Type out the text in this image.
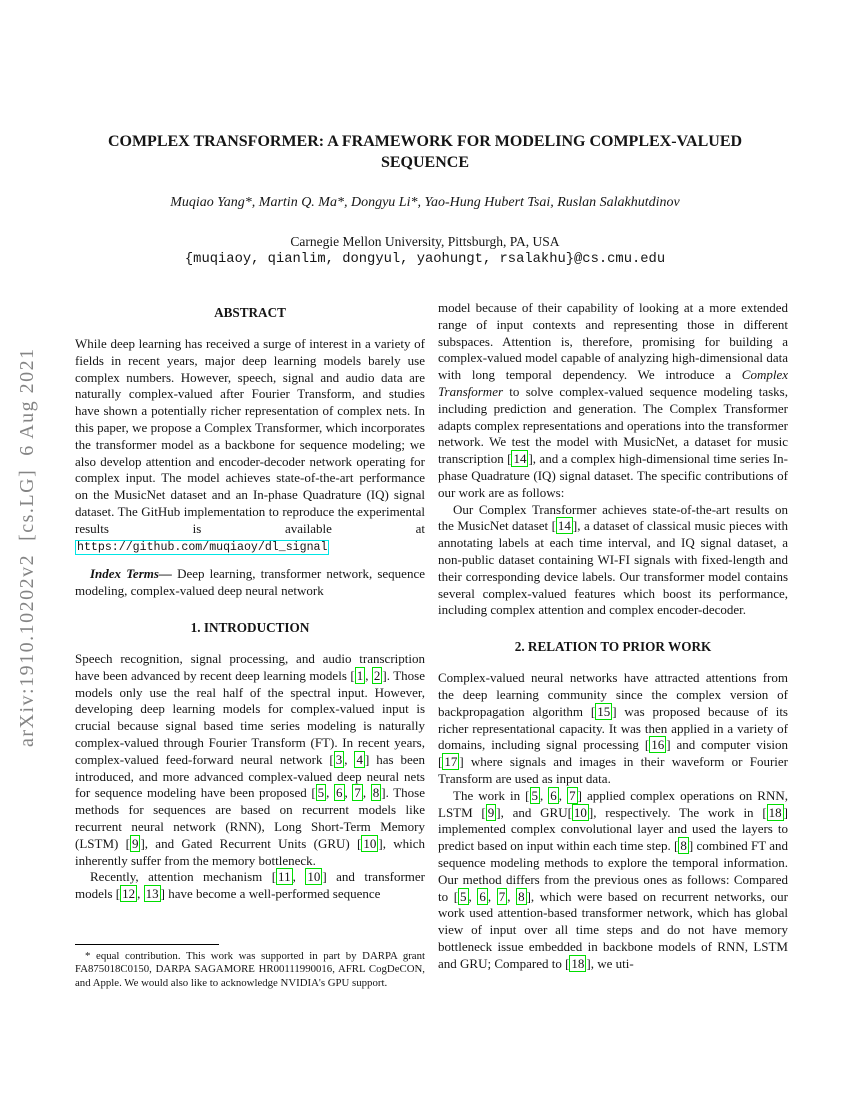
arXiv:1910.10202v2  [cs.LG]  6 Aug 2021
COMPLEX TRANSFORMER: A FRAMEWORK FOR MODELING COMPLEX-VALUED SEQUENCE
Muqiao Yang*, Martin Q. Ma*, Dongyu Li*, Yao-Hung Hubert Tsai, Ruslan Salakhutdinov
Carnegie Mellon University, Pittsburgh, PA, USA
{muqiaoy, qianlim, dongyul, yaohungt, rsalakhu}@cs.cmu.edu
ABSTRACT
While deep learning has received a surge of interest in a variety of fields in recent years, major deep learning models barely use complex numbers. However, speech, signal and audio data are naturally complex-valued after Fourier Transform, and studies have shown a potentially richer representation of complex nets. In this paper, we propose a Complex Transformer, which incorporates the transformer model as a backbone for sequence modeling; we also develop attention and encoder-decoder network operating for complex input. The model achieves state-of-the-art performance on the MusicNet dataset and an In-phase Quadrature (IQ) signal dataset. The GitHub implementation to reproduce the experimental results is available at https://github.com/muqiaoy/dl_signal
Index Terms— Deep learning, transformer network, sequence modeling, complex-valued deep neural network
1. INTRODUCTION
Speech recognition, signal processing, and audio transcription have been advanced by recent deep learning models [ 1 , 2 ]. Those models only use the real half of the spectral input. However, developing deep learning models for complex-valued input is crucial because signal based time series modeling is naturally complex-valued through Fourier Transform (FT). In recent years, complex-valued feed-forward neural network [ 3 , 4 ] has been introduced, and more advanced complex-valued deep neural nets for sequence modeling have been proposed [ 5 , 6 , 7 , 8 ]. Those methods for sequences are based on recurrent models like recurrent neural network (RNN), Long Short-Term Memory (LSTM) [ 9 ], and Gated Recurrent Units (GRU) [ 10 ], which inherently suffer from the memory bottleneck.
Recently, attention mechanism [ 11 , 10 ] and transformer models [ 12 , 13 ] have become a well-performed sequence
model because of their capability of looking at a more extended range of input contexts and representing those in different subspaces. Attention is, therefore, promising for building a complex-valued model capable of analyzing high-dimensional data with long temporal dependency. We introduce a Complex Transformer to solve complex-valued sequence modeling tasks, including prediction and generation. The Complex Transformer adapts complex representations and operations into the transformer network. We test the model with MusicNet, a dataset for music transcription [ 14 ], and a complex high-dimensional time series In-phase Quadrature (IQ) signal dataset. The specific contributions of our work are as follows:
Our Complex Transformer achieves state-of-the-art results on the MusicNet dataset [ 14 ], a dataset of classical music pieces with annotating labels at each time interval, and IQ signal dataset, a non-public dataset containing WI-FI signals with fixed-length and their corresponding device labels. Our transformer model contains several complex-valued features which boost its performance, including complex attention and complex encoder-decoder.
2. RELATION TO PRIOR WORK
Complex-valued neural networks have attracted attentions from the deep learning community since the complex version of backpropagation algorithm [ 15 ] was proposed because of its richer representational capacity. It was then applied in a variety of domains, including signal processing [ 16 ] and computer vision [ 17 ] where signals and images in their waveform or Fourier Transform are used as input data.
The work in [ 5 , 6 , 7 ] applied complex operations on RNN, LSTM [ 9 ], and GRU[ 10 ], respectively. The work in [ 18 ] implemented complex convolutional layer and used the layers to predict based on input within each time step. [ 8 ] combined FT and sequence modeling methods to explore the temporal information. Our method differs from the previous ones as follows: Compared to [ 5 , 6 , 7 , 8 ], which were based on recurrent networks, our work used attention-based transformer network, which has global view of input over all time steps and do not have memory bottleneck issue embedded in backbone models of RNN, LSTM and GRU; Compared to [ 18 ], we uti-
* equal contribution. This work was supported in part by DARPA grant FA875018C0150, DARPA SAGAMORE HR00111990016, AFRL CogDeCON, and Apple. We would also like to acknowledge NVIDIA's GPU support.
